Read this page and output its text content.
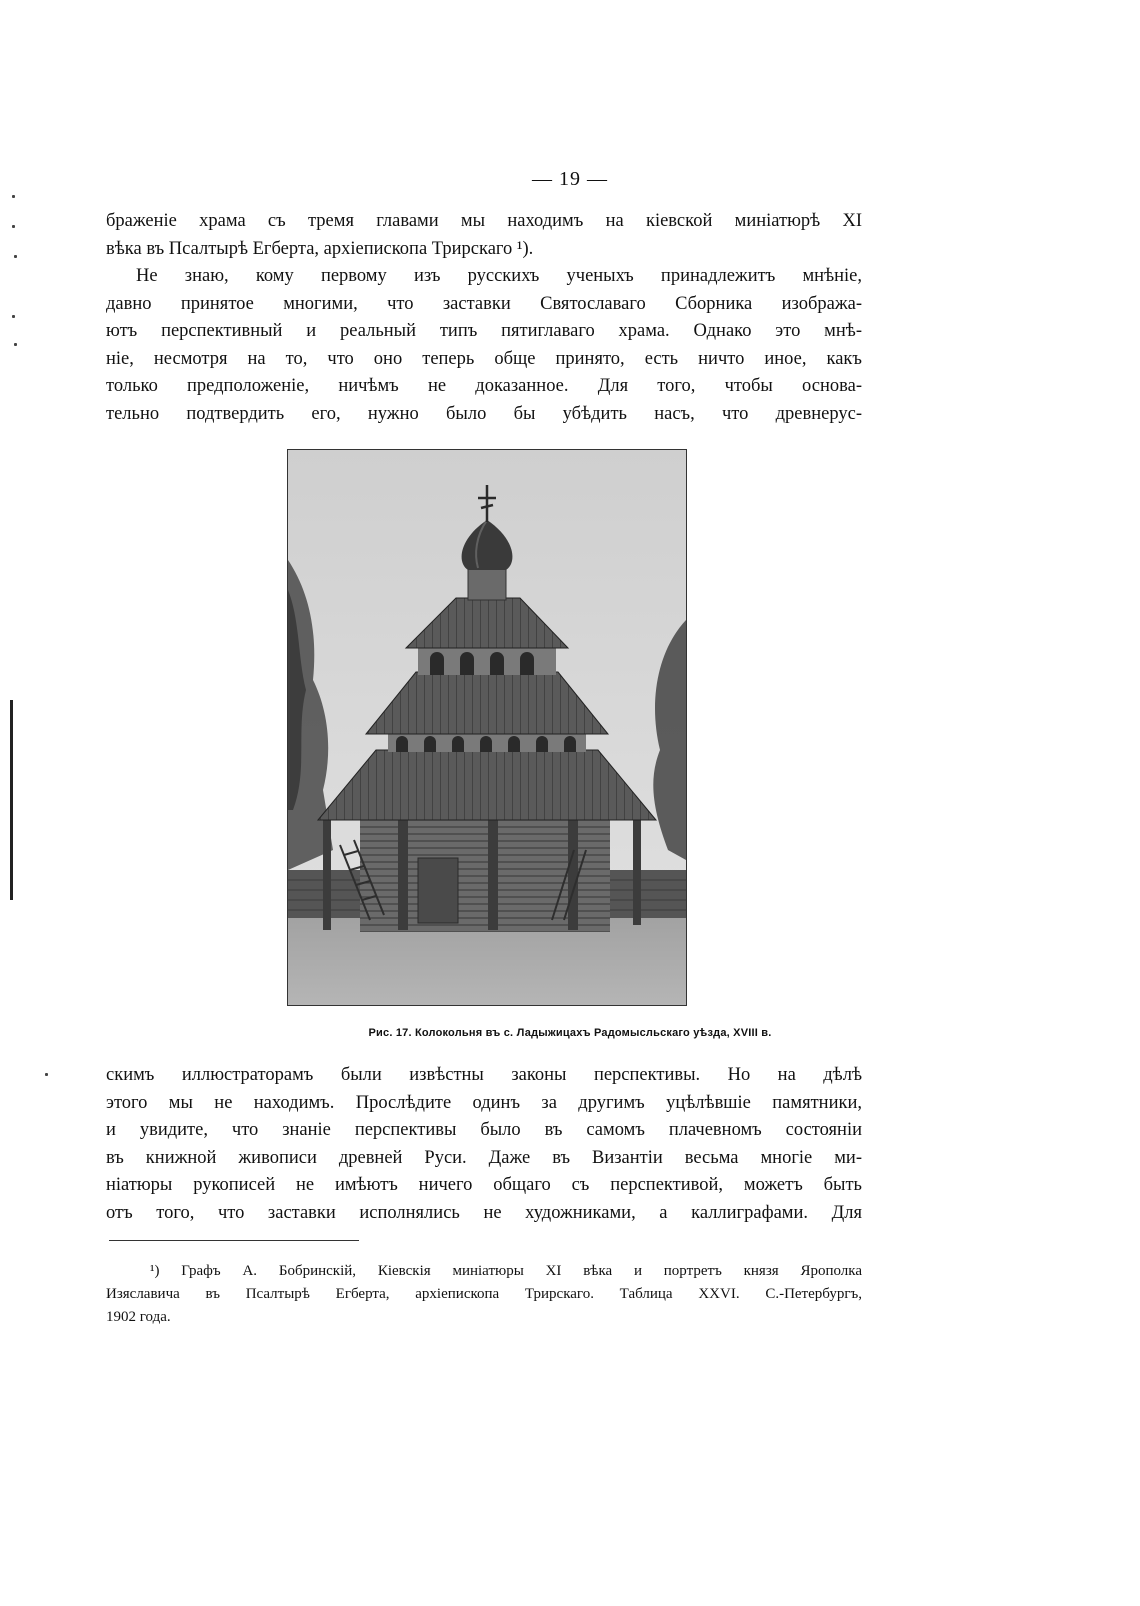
— 19 —

браженіе храма съ тремя главами мы находимъ на кіевской миніатюрѣ XI

вѣка въ Псалтырѣ Егберта, архіепископа Трирскаго ¹).

Не знаю, кому первому изъ русскихъ ученыхъ принадлежитъ мнѣніе,

давно принятое многими, что заставки Святославаго Сборника изобража-

ютъ перспективный и реальный типъ пятиглаваго храма. Однако это мнѣ-

ніе, несмотря на то, что оно теперь обще принято, есть ничто иное, какъ

только предположеніе, ничѣмъ не доказанное. Для того, чтобы основа-

тельно подтвердить его, нужно было бы убѣдить насъ, что древнерус-

Рис. 17. Колокольня въ с. Ладыжицахъ Радомысльскаго уѣзда, XVIII в.

скимъ иллюстраторамъ были извѣстны законы перспективы. Но на дѣлѣ

этого мы не находимъ. Прослѣдите одинъ за другимъ уцѣлѣвшіе памятники,

и увидите, что знаніе перспективы было въ самомъ плачевномъ состояніи

въ книжной живописи древней Руси. Даже въ Византіи весьма многіе ми-

ніатюры рукописей не имѣютъ ничего общаго съ перспективой, можетъ быть

отъ того, что заставки исполнялись не художниками, а каллиграфами. Для

¹) Графъ А. Бобринскій, Кіевскія миніатюры XI вѣка и портретъ князя Ярополка

Изяславича въ Псалтырѣ Егберта, архіепископа Трирскаго. Таблица XXVI. С.-Петербургъ,

1902 года.
